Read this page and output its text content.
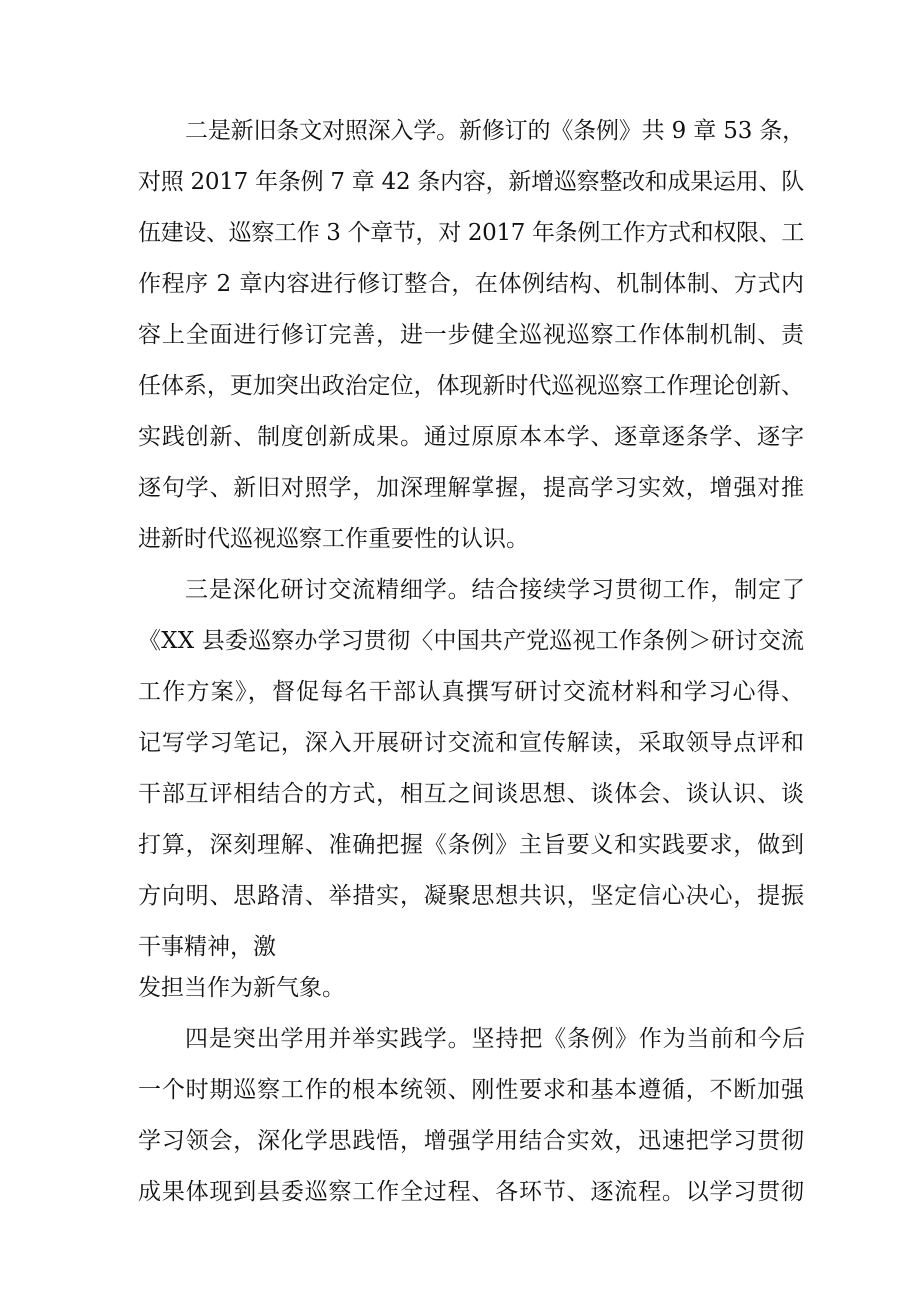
二是新旧条文对照深入学。新修订的《条例》共 9 章 53 条，
对照 2017 年条例 7 章 42 条内容，新增巡察整改和成果运用、队
伍建设、巡察工作 3 个章节，对 2017 年条例工作方式和权限、工
作程序 2 章内容进行修订整合，在体例结构、机制体制、方式内
容上全面进行修订完善，进一步健全巡视巡察工作体制机制、责
任体系，更加突出政治定位，体现新时代巡视巡察工作理论创新、
实践创新、制度创新成果。通过原原本本学、逐章逐条学、逐字
逐句学、新旧对照学，加深理解掌握，提高学习实效，增强对推
进新时代巡视巡察工作重要性的认识。
三是深化研讨交流精细学。结合接续学习贯彻工作，制定了
《XX 县委巡察办学习贯彻〈中国共产党巡视工作条例＞研讨交流
工作方案》，督促每名干部认真撰写研讨交流材料和学习心得、
记写学习笔记，深入开展研讨交流和宣传解读，采取领导点评和
干部互评相结合的方式，相互之间谈思想、谈体会、谈认识、谈
打算，深刻理解、准确把握《条例》主旨要义和实践要求，做到
方向明、思路清、举措实，凝聚思想共识，坚定信心决心，提振
干事精神，激
发担当作为新气象。
四是突出学用并举实践学。坚持把《条例》作为当前和今后
一个时期巡察工作的根本统领、刚性要求和基本遵循，不断加强
学习领会，深化学思践悟，增强学用结合实效，迅速把学习贯彻
成果体现到县委巡察工作全过程、各环节、逐流程。以学习贯彻
